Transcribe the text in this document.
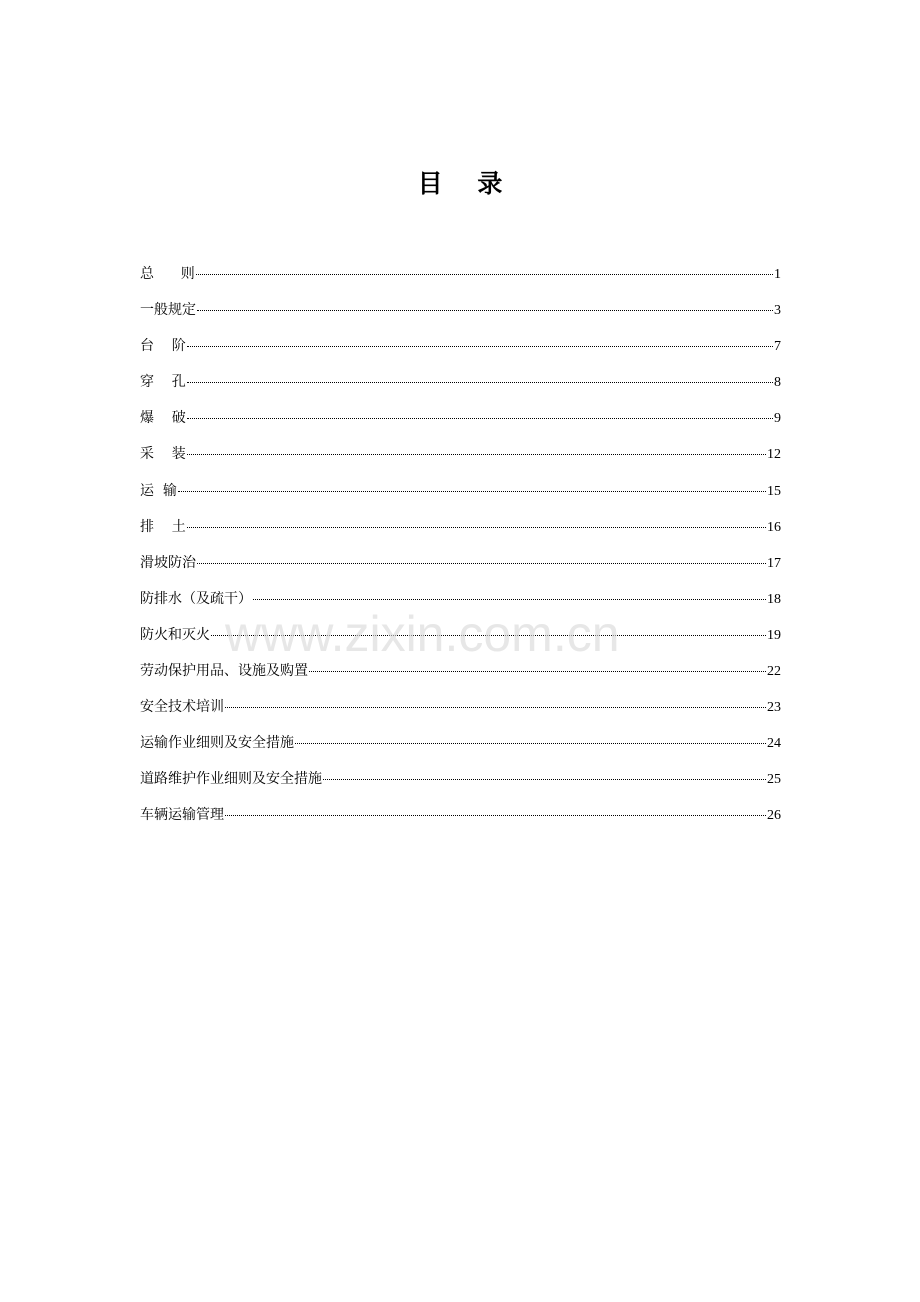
目    录
总      则	1
一般规定	3
台    阶	7
穿    孔	8
爆    破	9
采    装	12
运  输	15
排    土	16
滑坡防治	17
防排水（及疏干）	18
防火和灭火	19
劳动保护用品、设施及购置	22
安全技术培训	23
运输作业细则及安全措施	24
道路维护作业细则及安全措施	25
车辆运输管理	26
www.zixin.com.cn
